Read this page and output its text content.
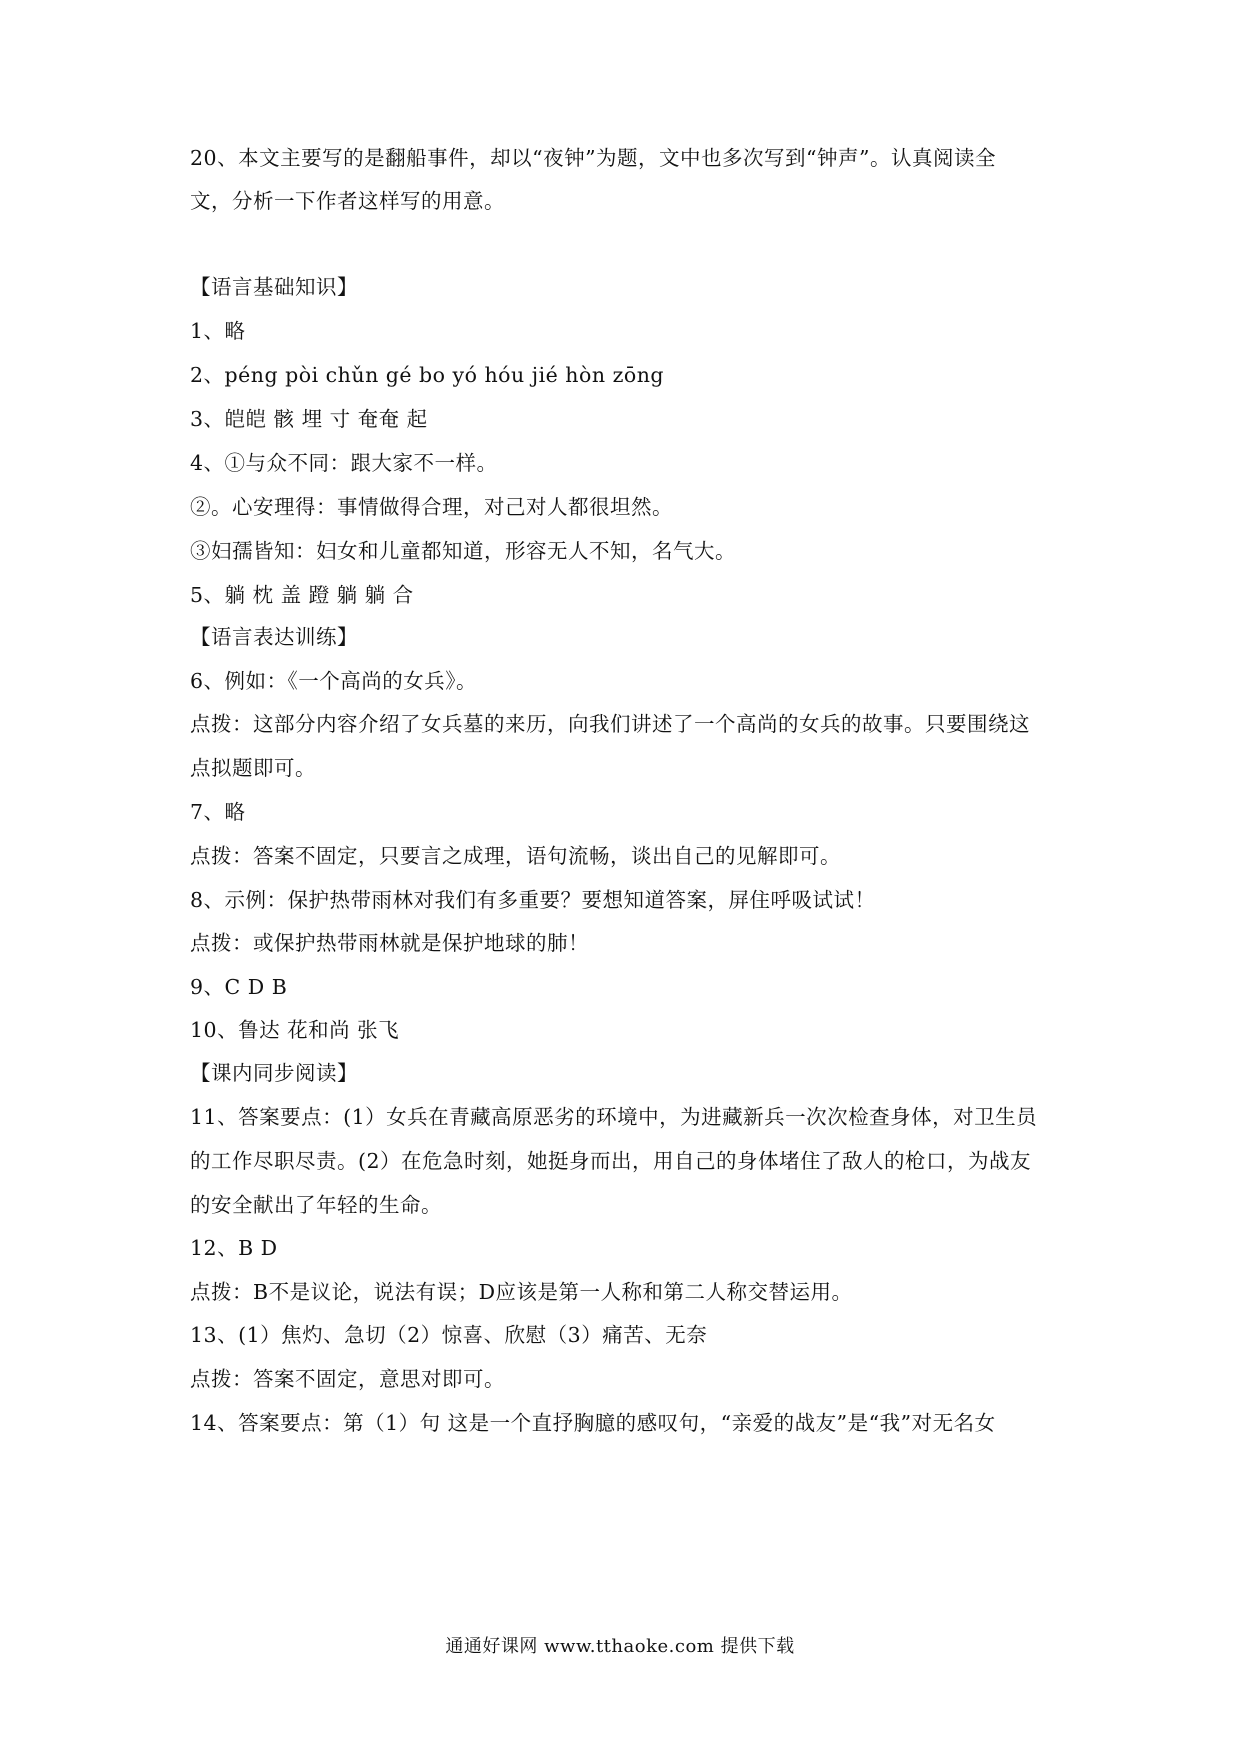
20、本文主要写的是翻船事件，却以“夜钟”为题，文中也多次写到“钟声”。认真阅读全
文，分析一下作者这样写的用意。
【语言基础知识】
1、略
2、péng pòi chǔn gé bo yó hóu jié hòn zōng
3、皑皑 骸 埋 寸 奄奄 起
4、①与众不同：跟大家不一样。
②。心安理得：事情做得合理，对己对人都很坦然。
③妇孺皆知：妇女和儿童都知道，形容无人不知，名气大。
5、躺 枕 盖 蹬 躺 躺 合
【语言表达训练】
6、例如：《一个高尚的女兵》。
点拨：这部分内容介绍了女兵墓的来历，向我们讲述了一个高尚的女兵的故事。只要围绕这
点拟题即可。
7、略
点拨：答案不固定，只要言之成理，语句流畅，谈出自己的见解即可。
8、示例：保护热带雨林对我们有多重要？要想知道答案，屏住呼吸试试！
点拨：或保护热带雨林就是保护地球的肺！
9、C D B
10、鲁达 花和尚 张飞
【课内同步阅读】
11、答案要点：(1）女兵在青藏高原恶劣的环境中，为进藏新兵一次次检查身体，对卫生员
的工作尽职尽责。(2）在危急时刻，她挺身而出，用自己的身体堵住了敌人的枪口，为战友
的安全献出了年轻的生命。
12、B D
点拨：B不是议论，说法有误；D应该是第一人称和第二人称交替运用。
13、(1）焦灼、急切（2）惊喜、欣慰（3）痛苦、无奈
点拨：答案不固定，意思对即可。
14、答案要点：第（1）句 这是一个直抒胸臆的感叹句，“亲爱的战友”是“我”对无名女
通通好课网 www.tthaoke.com 提供下载
